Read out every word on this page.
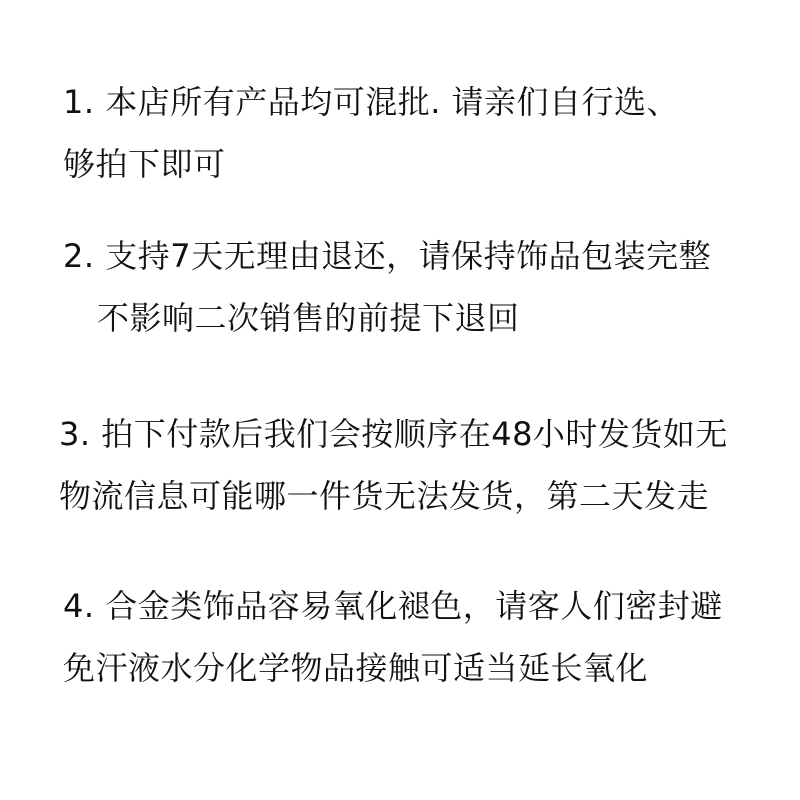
1. 本店所有产品均可混批. 请亲们自行选、
够拍下即可
2. 支持7天无理由退还，请保持饰品包装完整
不影响二次销售的前提下退回
3. 拍下付款后我们会按顺序在48小时发货如无
物流信息可能哪一件货无法发货，第二天发走
4. 合金类饰品容易氧化褪色，请客人们密封避
免汗液水分化学物品接触可适当延长氧化
